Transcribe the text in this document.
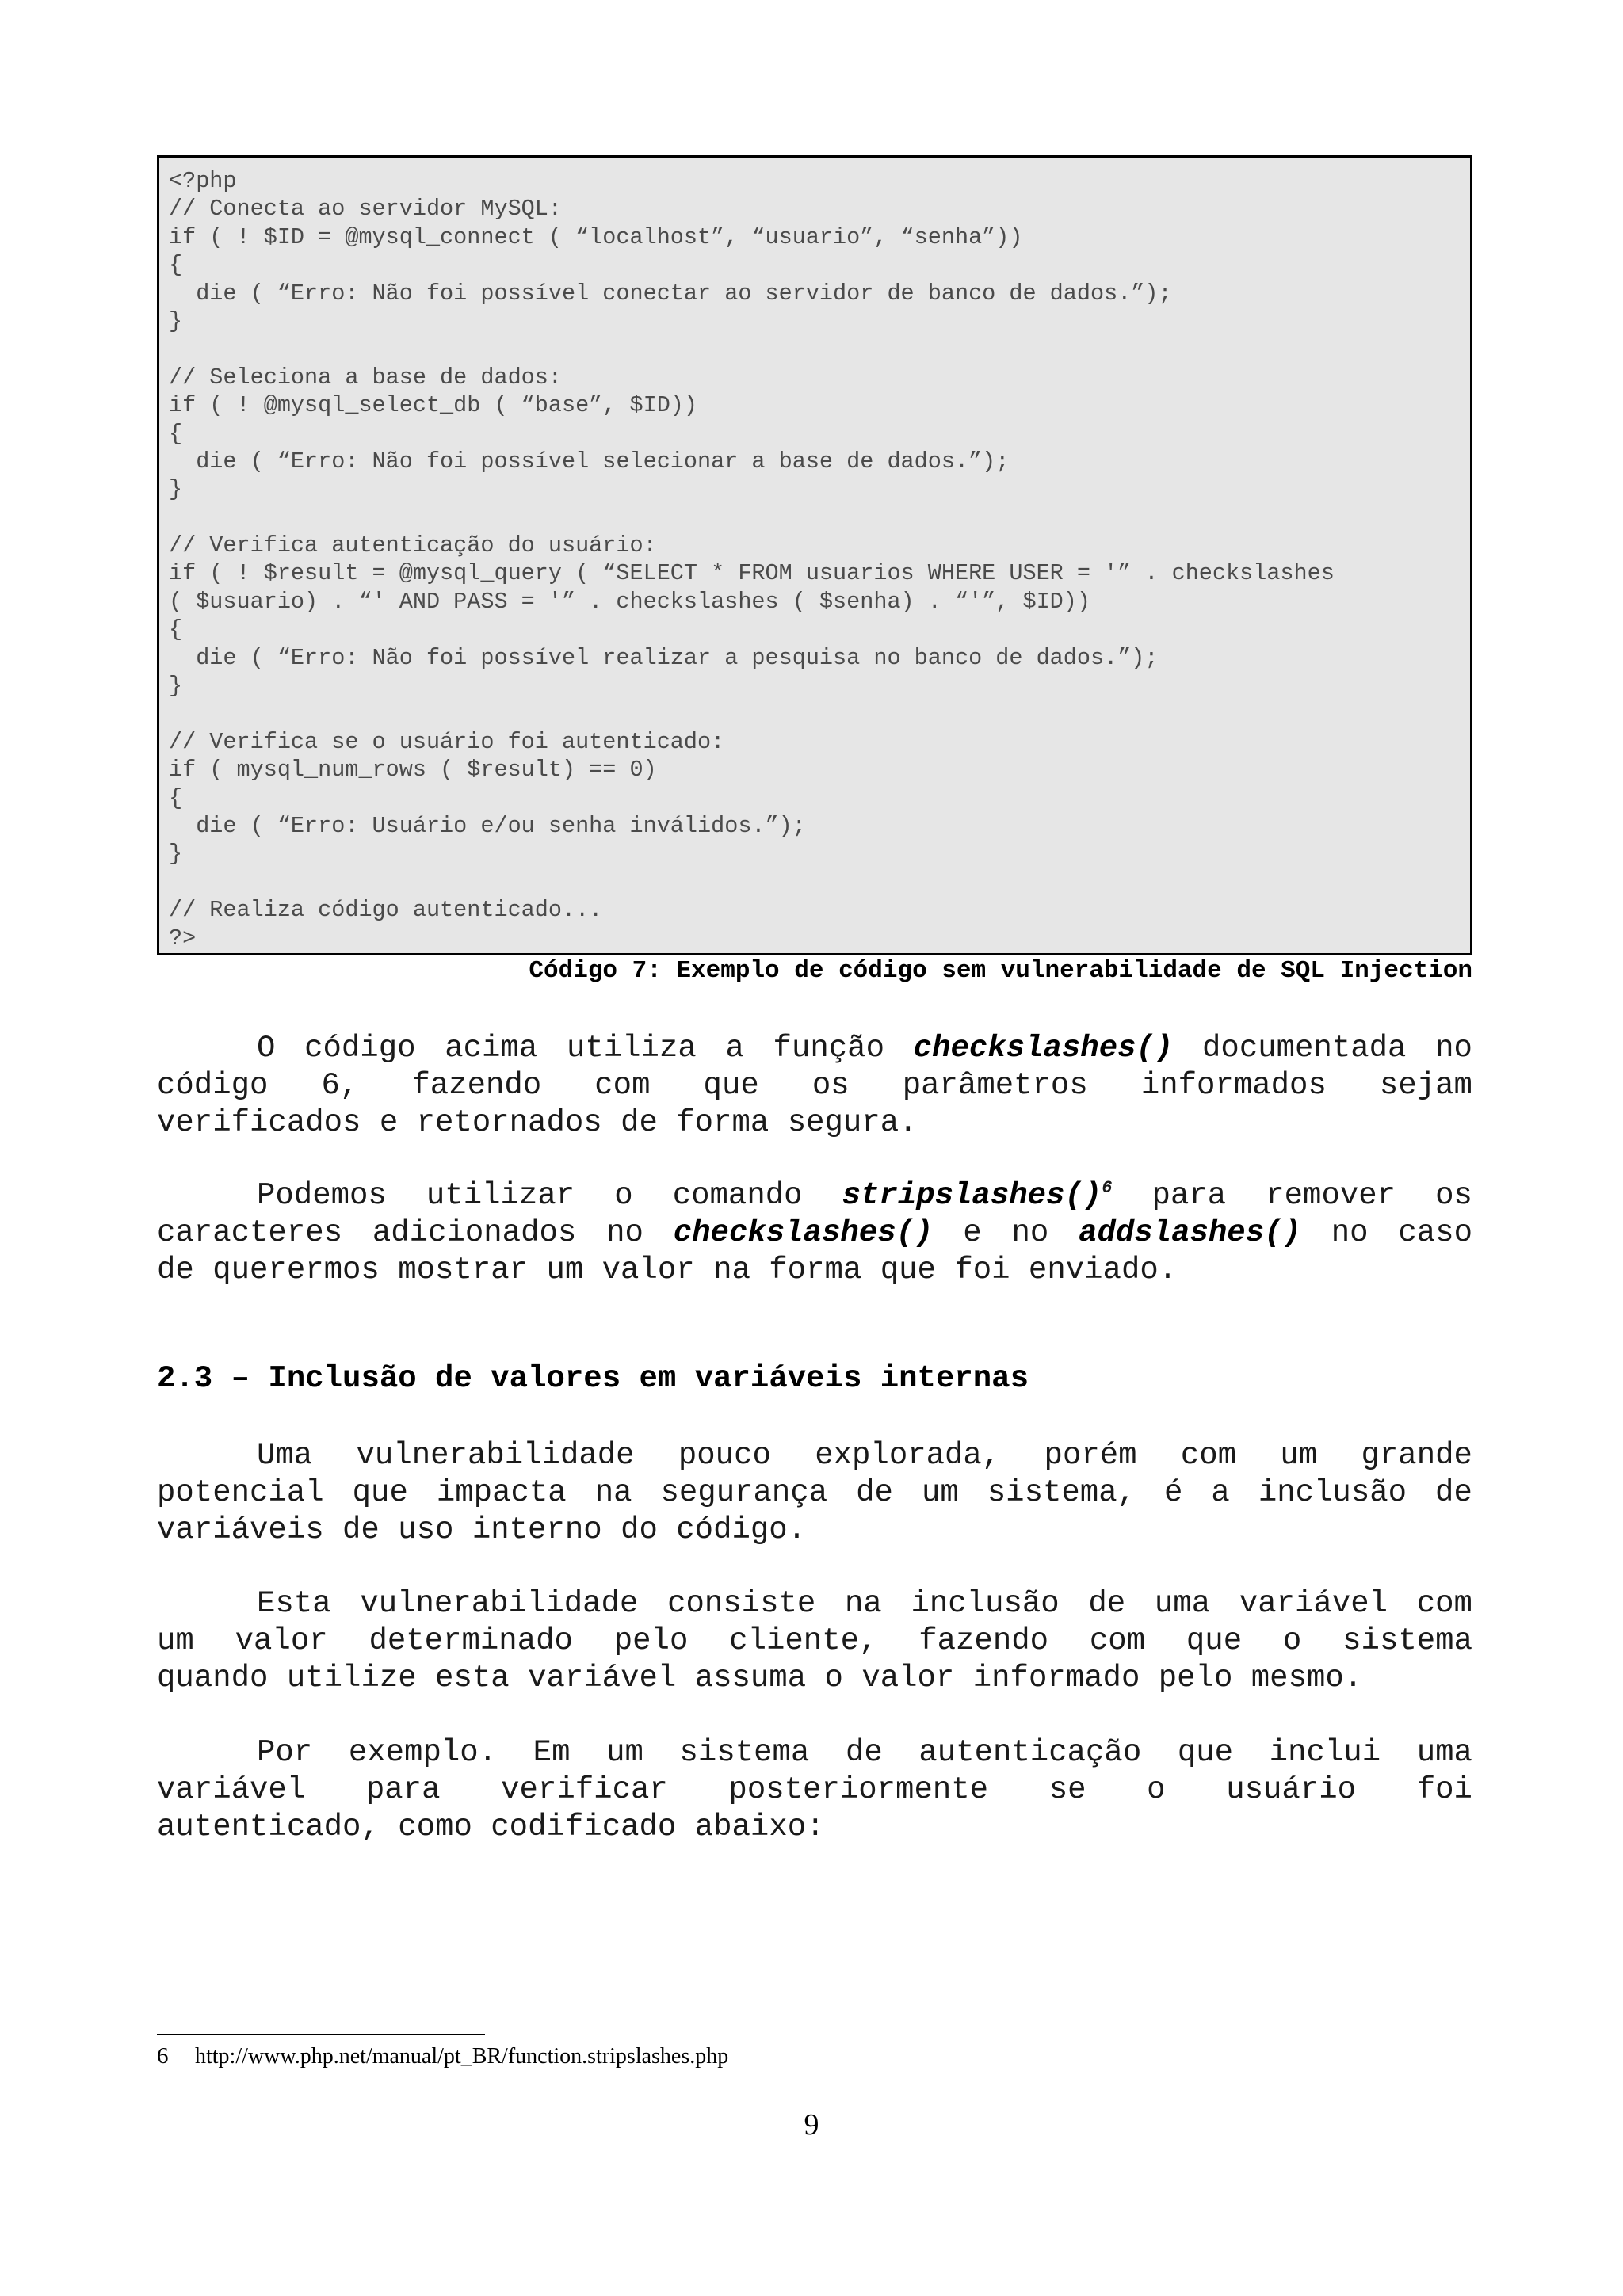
<?php
// Conecta ao servidor MySQL:
if ( ! $ID = @mysql_connect ( “localhost”, “usuario”, “senha”))
{
die ( “Erro: Não foi possível conectar ao servidor de banco de dados.”);
}
// Seleciona a base de dados:
if ( ! @mysql_select_db ( “base”, $ID))
{
die ( “Erro: Não foi possível selecionar a base de dados.”);
}
// Verifica autenticação do usuário:
if ( ! $result = @mysql_query ( “SELECT * FROM usuarios WHERE USER = '” . checkslashes
( $usuario) . “' AND PASS = '” . checkslashes ( $senha) . “'”, $ID))
{
die ( “Erro: Não foi possível realizar a pesquisa no banco de dados.”);
}
// Verifica se o usuário foi autenticado:
if ( mysql_num_rows ( $result) == 0)
{
die ( “Erro: Usuário e/ou senha inválidos.”);
}
// Realiza código autenticado...
?>
Código 7: Exemplo de código sem vulnerabilidade de SQL Injection
O código acima utiliza a função checkslashes() documentada no
código 6, fazendo com que os parâmetros informados sejam
verificados e retornados de forma segura.
Podemos utilizar o comando stripslashes()$^6$ para remover os
caracteres adicionados no checkslashes() e no addslashes() no caso
de querermos mostrar um valor na forma que foi enviado.
2.3 – Inclusão de valores em variáveis internas
Uma vulnerabilidade pouco explorada, porém com um grande
potencial que impacta na segurança de um sistema, é a inclusão de
variáveis de uso interno do código.
Esta vulnerabilidade consiste na inclusão de uma variável com
um valor determinado pelo cliente, fazendo com que o sistema
quando utilize esta variável assuma o valor informado pelo mesmo.
Por exemplo. Em um sistema de autenticação que inclui uma
variável para verificar posteriormente se o usuário foi
autenticado, como codificado abaixo:
6 http://www.php.net/manual/pt_BR/function.stripslashes.php
9
